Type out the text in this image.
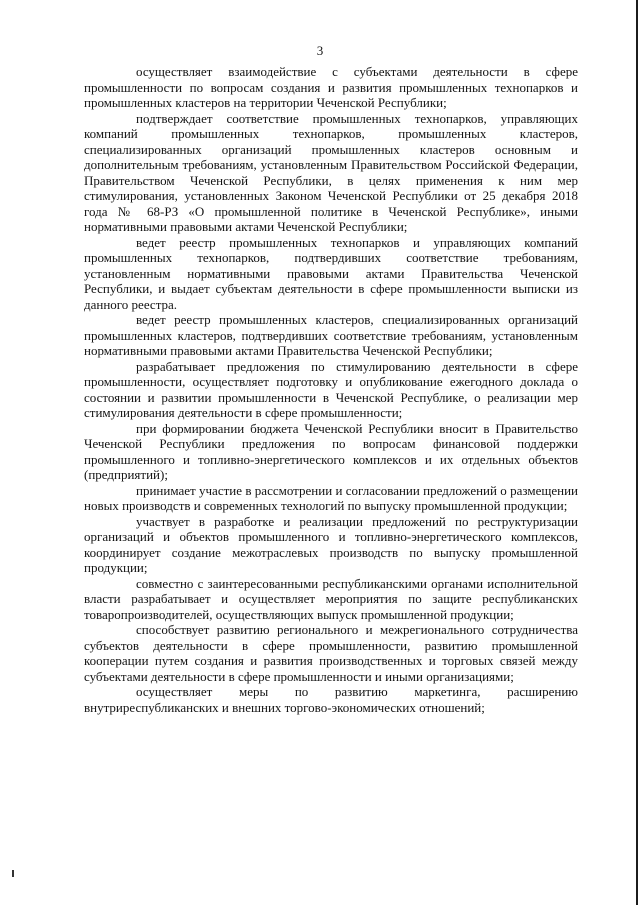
3

осуществляет взаимодействие с субъектами деятельности в сфере промышленности по вопросам создания и развития промышленных технопарков и промышленных кластеров на территории Чеченской Республики;

подтверждает соответствие промышленных технопарков, управляющих компаний промышленных технопарков, промышленных кластеров, специализированных организаций промышленных кластеров основным и дополнительным требованиям, установленным Правительством Российской Федерации, Правительством Чеченской Республики, в целях применения к ним мер стимулирования, установленных Законом Чеченской Республики от 25 декабря 2018 года № 68-РЗ «О промышленной политике в Чеченской Республике», иными нормативными правовыми актами Чеченской Республики;

ведет реестр промышленных технопарков и управляющих компаний промышленных технопарков, подтвердивших соответствие требованиям, установленным нормативными правовыми актами Правительства Чеченской Республики, и выдает субъектам деятельности в сфере промышленности выписки из данного реестра.

ведет реестр промышленных кластеров, специализированных организаций промышленных кластеров, подтвердивших соответствие требованиям, установленным нормативными правовыми актами Правительства Чеченской Республики;

разрабатывает предложения по стимулированию деятельности в сфере промышленности, осуществляет подготовку и опубликование ежегодного доклада о состоянии и развитии промышленности в Чеченской Республике, о реализации мер стимулирования деятельности в сфере промышленности;

при формировании бюджета Чеченской Республики вносит в Правительство Чеченской Республики предложения по вопросам финансовой поддержки промышленного и топливно-энергетического комплексов и их отдельных объектов (предприятий);

принимает участие в рассмотрении и согласовании предложений о размещении новых производств и современных технологий по выпуску промышленной продукции;

участвует в разработке и реализации предложений по реструктуризации организаций и объектов промышленного и топливно-энергетического комплексов, координирует создание межотраслевых производств по выпуску промышленной продукции;

совместно с заинтересованными республиканскими органами исполнительной власти разрабатывает и осуществляет мероприятия по защите республиканских товаропроизводителей, осуществляющих выпуск промышленной продукции;

способствует развитию регионального и межрегионального сотрудничества субъектов деятельности в сфере промышленности, развитию промышленной кооперации путем создания и развития производственных и торговых связей между субъектами деятельности в сфере промышленности и иными организациями;

осуществляет меры по развитию маркетинга, расширению внутриреспубликанских и внешних торгово-экономических отношений;
